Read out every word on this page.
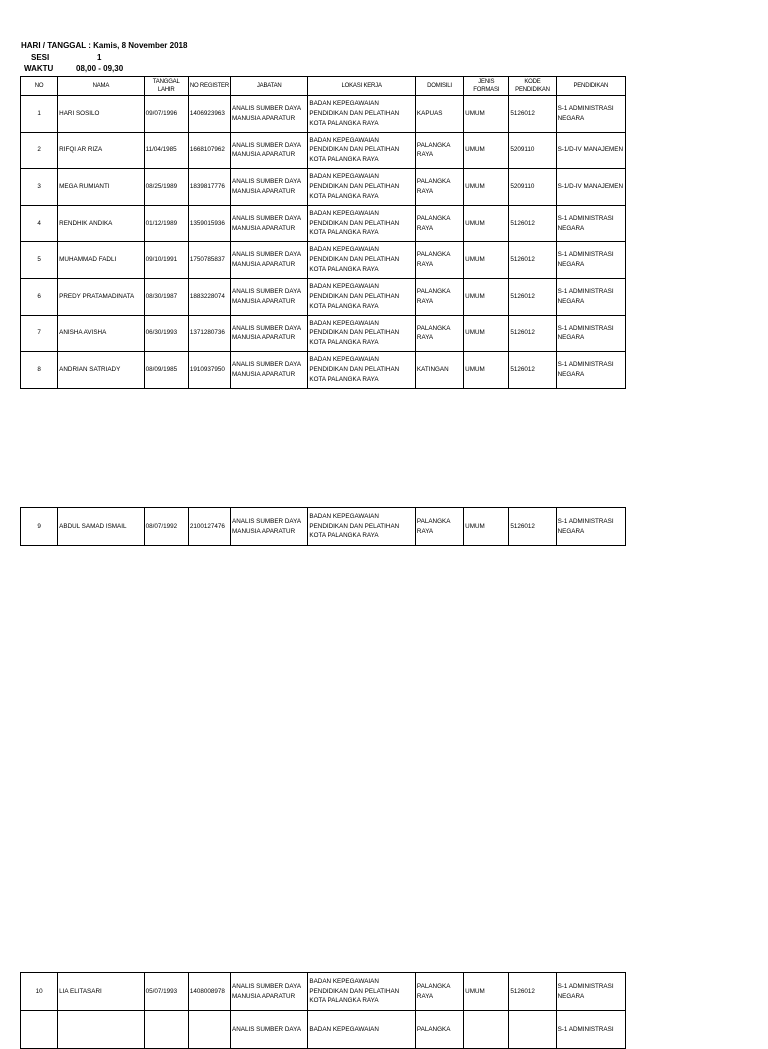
HARI / TANGGAL : Kamis, 8 November 2018
SESI	1
WAKTU	08,00 - 09,30
NO	NAMA	TANGGAL LAHIR	NO REGISTER	JABATAN	LOKASI KERJA	DOMISILI	JENIS FORMASI	KODE PENDIDIKAN	PENDIDIKAN
1	HARI SOSILO	09/07/1996	1406923963	ANALIS SUMBER DAYA MANUSIA APARATUR	BADAN KEPEGAWAIAN PENDIDIKAN DAN PELATIHAN KOTA PALANGKA RAYA	KAPUAS	UMUM	5126012	S-1 ADMINISTRASI NEGARA
2	RIFQI AR RIZA	11/04/1985	1668107962	ANALIS SUMBER DAYA MANUSIA APARATUR	BADAN KEPEGAWAIAN PENDIDIKAN DAN PELATIHAN KOTA PALANGKA RAYA	PALANGKA RAYA	UMUM	5209110	S-1/D-IV MANAJEMEN
3	MEGA RUMIANTI	08/25/1989	1839817776	ANALIS SUMBER DAYA MANUSIA APARATUR	BADAN KEPEGAWAIAN PENDIDIKAN DAN PELATIHAN KOTA PALANGKA RAYA	PALANGKA RAYA	UMUM	5209110	S-1/D-IV MANAJEMEN
4	RENDHIK ANDIKA	01/12/1989	1359015936	ANALIS SUMBER DAYA MANUSIA APARATUR	BADAN KEPEGAWAIAN PENDIDIKAN DAN PELATIHAN KOTA PALANGKA RAYA	PALANGKA RAYA	UMUM	5126012	S-1 ADMINISTRASI NEGARA
5	MUHAMMAD FADLI	09/10/1991	1750785837	ANALIS SUMBER DAYA MANUSIA APARATUR	BADAN KEPEGAWAIAN PENDIDIKAN DAN PELATIHAN KOTA PALANGKA RAYA	PALANGKA RAYA	UMUM	5126012	S-1 ADMINISTRASI NEGARA
6	PREDY PRATAMADINATA	08/30/1987	1883228074	ANALIS SUMBER DAYA MANUSIA APARATUR	BADAN KEPEGAWAIAN PENDIDIKAN DAN PELATIHAN KOTA PALANGKA RAYA	PALANGKA RAYA	UMUM	5126012	S-1 ADMINISTRASI NEGARA
7	ANISHA AVISHA	06/30/1993	1371280736	ANALIS SUMBER DAYA MANUSIA APARATUR	BADAN KEPEGAWAIAN PENDIDIKAN DAN PELATIHAN KOTA PALANGKA RAYA	PALANGKA RAYA	UMUM	5126012	S-1 ADMINISTRASI NEGARA
8	ANDRIAN SATRIADY	08/09/1985	1910937950	ANALIS SUMBER DAYA MANUSIA APARATUR	BADAN KEPEGAWAIAN PENDIDIKAN DAN PELATIHAN KOTA PALANGKA RAYA	KATINGAN	UMUM	5126012	S-1 ADMINISTRASI NEGARA
9	ABDUL SAMAD ISMAIL	08/07/1992	2100127476	ANALIS SUMBER DAYA MANUSIA APARATUR	BADAN KEPEGAWAIAN PENDIDIKAN DAN PELATIHAN KOTA PALANGKA RAYA	PALANGKA RAYA	UMUM	5126012	S-1 ADMINISTRASI NEGARA
10	LIA ELITASARI	05/07/1993	1408008978	ANALIS SUMBER DAYA MANUSIA APARATUR	BADAN KEPEGAWAIAN PENDIDIKAN DAN PELATIHAN KOTA PALANGKA RAYA	PALANGKA RAYA	UMUM	5126012	S-1 ADMINISTRASI NEGARA
				ANALIS SUMBER DAYA	BADAN KEPEGAWAIAN	PALANGKA			S-1 ADMINISTRASI
